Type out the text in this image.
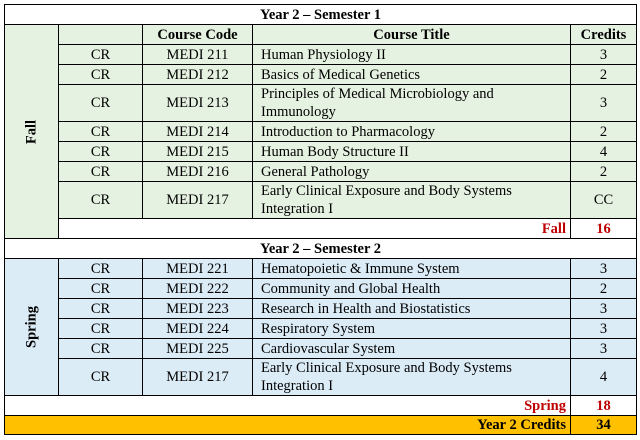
Year 2 – Semester 1				

Fall		Course Code	Course Title	Credits
	CR	MEDI 211	Human Physiology II	3
	CR	MEDI 212	Basics of Medical Genetics	2
	CR	MEDI 213	Principles of Medical Microbiology and Immunology	3
	CR	MEDI 214	Introduction to Pharmacology	2
	CR	MEDI 215	Human Body Structure II	4
	CR	MEDI 216	General Pathology	2
	CR	MEDI 217	Early Clinical Exposure and Body Systems Integration I	CC
	Fall			16
Year 2 – Semester 2				

Spring	CR	MEDI 221	Hematopoietic & Immune System	3
	CR	MEDI 222	Community and Global Health	2
	CR	MEDI 223	Research in Health and Biostatistics	3
	CR	MEDI 224	Respiratory System	3
	CR	MEDI 225	Cardiovascular System	3
	CR	MEDI 217	Early Clinical Exposure and Body Systems Integration I	4
Spring				18
Year 2 Credits				34
